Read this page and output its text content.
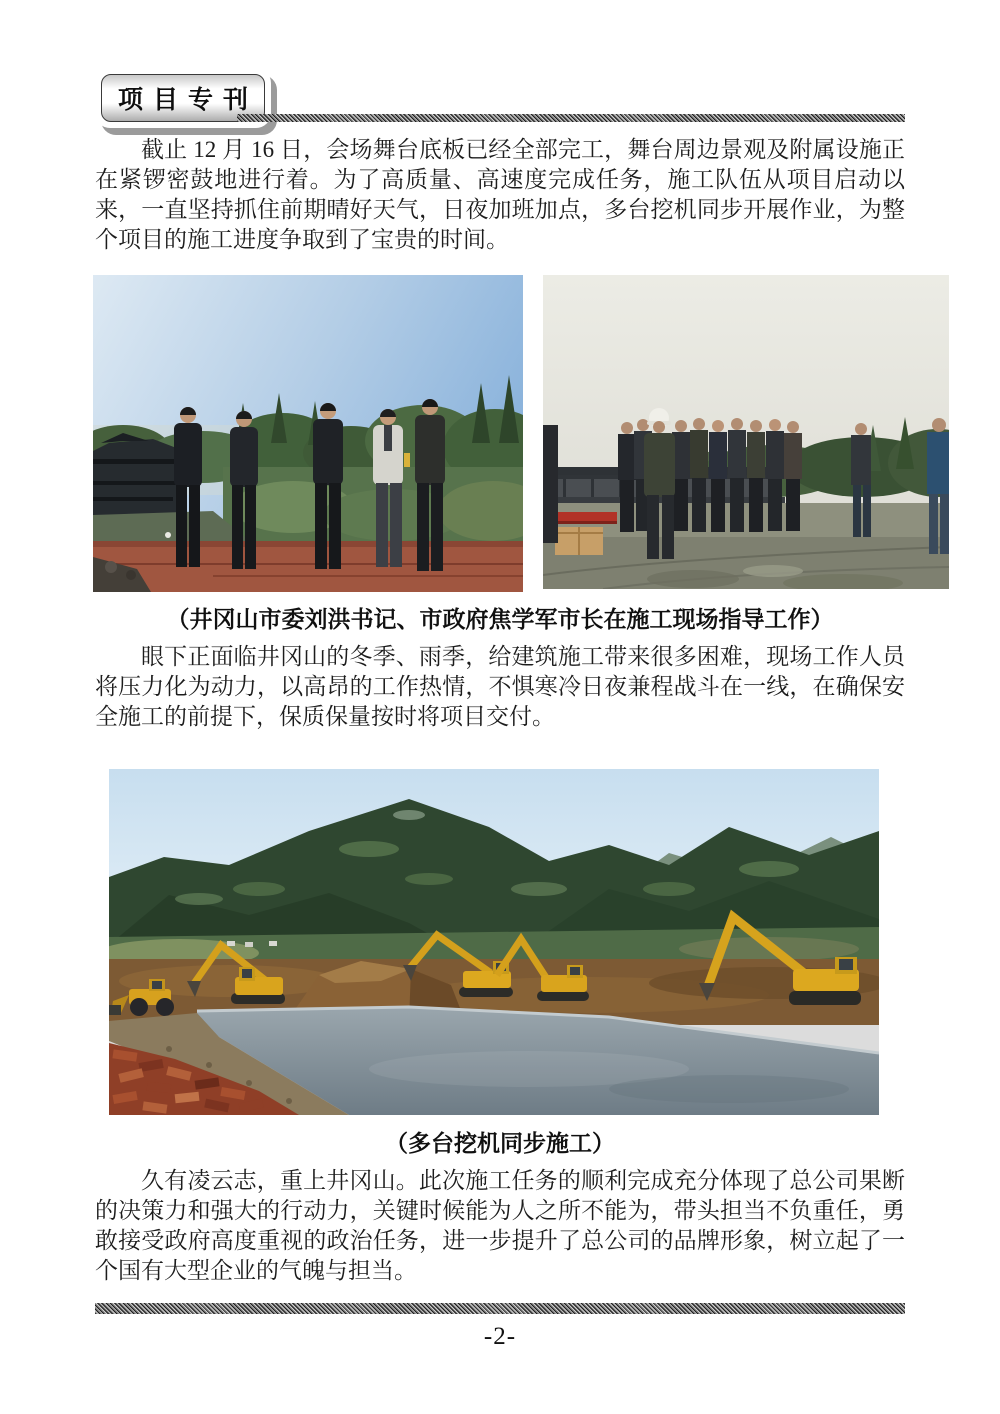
项目专刊

截止 12 月 16 日，会场舞台底板已经全部完工，舞台周边景观及附属设施正在紧锣密鼓地进行着。为了高质量、高速度完成任务，施工队伍从项目启动以来，一直坚持抓住前期晴好天气，日夜加班加点，多台挖机同步开展作业，为整个项目的施工进度争取到了宝贵的时间。

（井冈山市委刘洪书记、市政府焦学军市长在施工现场指导工作）

眼下正面临井冈山的冬季、雨季，给建筑施工带来很多困难，现场工作人员将压力化为动力，以高昂的工作热情，不惧寒冷日夜兼程战斗在一线，在确保安全施工的前提下，保质保量按时将项目交付。

（多台挖机同步施工）

久有凌云志，重上井冈山。此次施工任务的顺利完成充分体现了总公司果断的决策力和强大的行动力，关键时候能为人之所不能为，带头担当不负重任，勇敢接受政府高度重视的政治任务，进一步提升了总公司的品牌形象，树立起了一个国有大型企业的气魄与担当。

-2-
